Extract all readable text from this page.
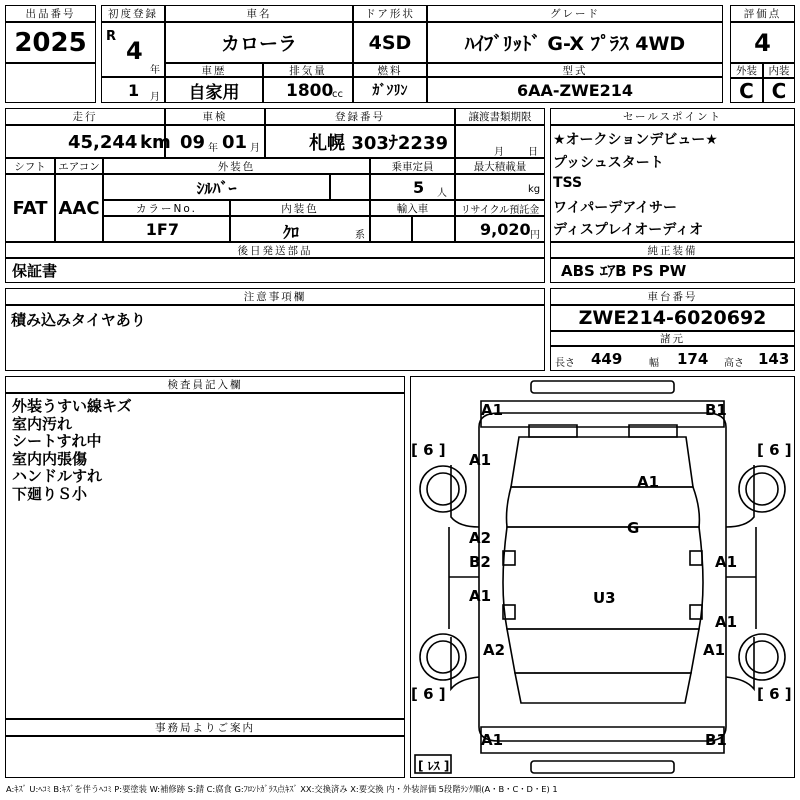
出品番号
2025
初度登録
R
4
年
1 月
車名
カローラ
ドア形状
4SD
グレード
ﾊｲﾌﾞﾘｯﾄﾞ G-X ﾌﾟﾗｽ 4WD
評価点
4
外装	内装
C C
車歴
自家用
排気量
1800
cc
燃料
ｶﾞｿﾘﾝ
型式
6AA-ZWE214
走行
45,244 km
車検
09 年 01 月
登録番号
札幌 303ﾅ2239
譲渡書類期限
月 日
シフト
FAT
エアコン
AAC
外装色
ｼﾙﾊﾞｰ
乗車定員
5 人
最大積載量
kg
カラーNo.
1F7
内装色
ｸﾛ	系
輸入車	リサイクル預託金
9,020 円
後日発送部品
保証書
セールスポイント
★オークションデビュー★
プッシュスタート
TSS
ワイパーデアイサー
ディスプレイオーディオ
純正装備
ABS ｴｱB PS PW
注意事項欄
積み込みタイヤあり
車台番号
ZWE214-6020692
諸元
長さ 449	幅 174 高さ 143
検査員記入欄
外装うすい線キズ
室内汚れ
シートすれ中
室内内張傷
ハンドルすれ
下廻りＳ小
事務局よりご案内
A1	B1
A1
A1
G
A2
B2	A1
A1	U3
A1
A2	A1
A1	B1
[ 6 ]	[ 6 ]
[ 6 ]	[ 6 ]
[ ﾚｽ ]
A:ｷｽﾞ U:ﾍｺﾐ B:ｷｽﾞを伴うﾍｺﾐ P:要塗装 W:補修跡 S:錆 C:腐食 G:ﾌﾛﾝﾄｶﾞﾗｽ点ｷｽﾞ XX:交換済み X:要交換 内・外装評価 5段階ﾗﾝｸ順(A・B・C・D・E) 1
